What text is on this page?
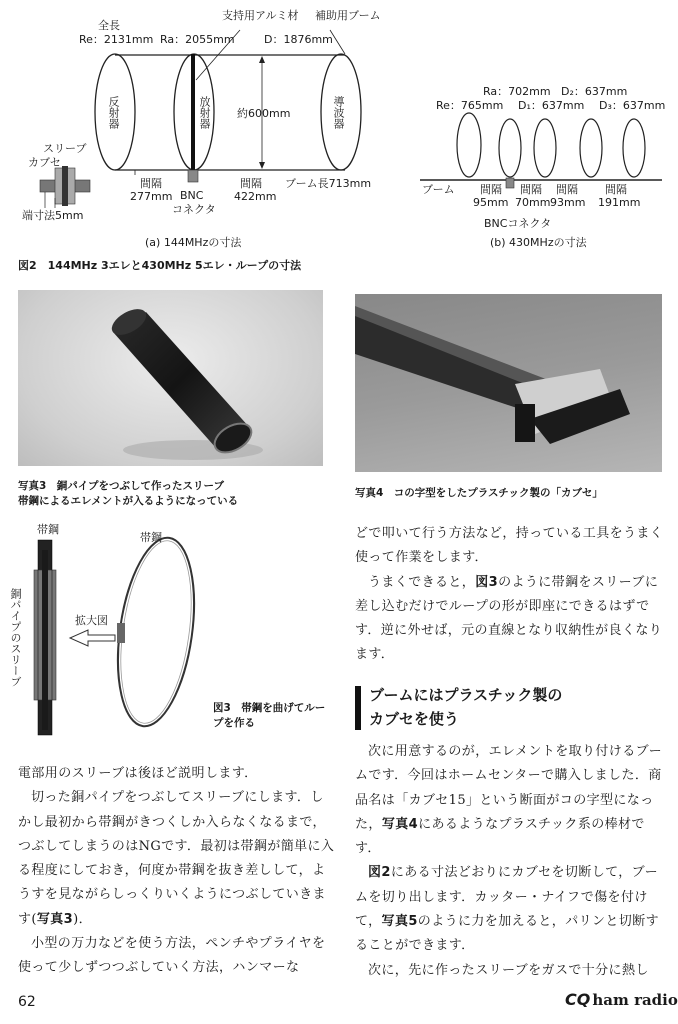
全長
Re：2131mm Ra：2055mm	D：1876mm
支持用アルミ材 補助用ブーム
反射器	放射器	導波器
約600mm
スリーブ
カブセ
端寸法5mm
間隔
277mm BNC
コネクタ
間隔
422mm
ブーム長713mm
(a) 144MHzの寸法
Ra：702mm D₂：637mm
Re：765mm D₁：637mm D₃：637mm
ブーム 間隔
95mm
間隔
70mm
間隔
93mm
間隔
191mm
BNCコネクタ
(b) 430MHzの寸法
図2　144MHz 3エレと430MHz 5エレ・ループの寸法
写真3　銅パイプをつぶして作ったスリーブ
帯鋼によるエレメントが入るようになっている
写真4　コの字型をしたプラスチック製の「カブセ」
帯鋼
帯鋼
銅パイプのスリーブ	拡大図
図3　帯鋼を曲げてルー
プを作る

電部用のスリーブは後ほど説明します．

切った銅パイプをつぶしてスリーブにします．しかし最初から帯鋼がきつくしか入らなくなるまで，つぶしてしまうのはNGです．最初は帯鋼が簡単に入る程度にしておき，何度か帯鋼を抜き差しして，ようすを見ながらしっくりいくようにつぶしていきます(写真3)．

小型の万力などを使う方法，ペンチやプライヤを使って少しずつつぶしていく方法，ハンマーな

どで叩いて行う方法など，持っている工具をうまく使って作業をします．

うまくできると，図3のように帯鋼をスリーブに差し込むだけでループの形が即座にできるはずです．逆に外せば，元の直線となり収納性が良くなります．

ブームにはプラスチック製の
カブセを使う

次に用意するのが，エレメントを取り付けるブームです．今回はホームセンターで購入しました．商品名は「カブセ15」という断面がコの字型になった，写真4にあるようなプラスチック系の棒材です．

図2にある寸法どおりにカブセを切断して，ブームを切り出します．カッター・ナイフで傷を付けて，写真5のように力を加えると，パリンと切断することができます．

次に，先に作ったスリーブをガスで十分に熱し

62	CQ ham radio
